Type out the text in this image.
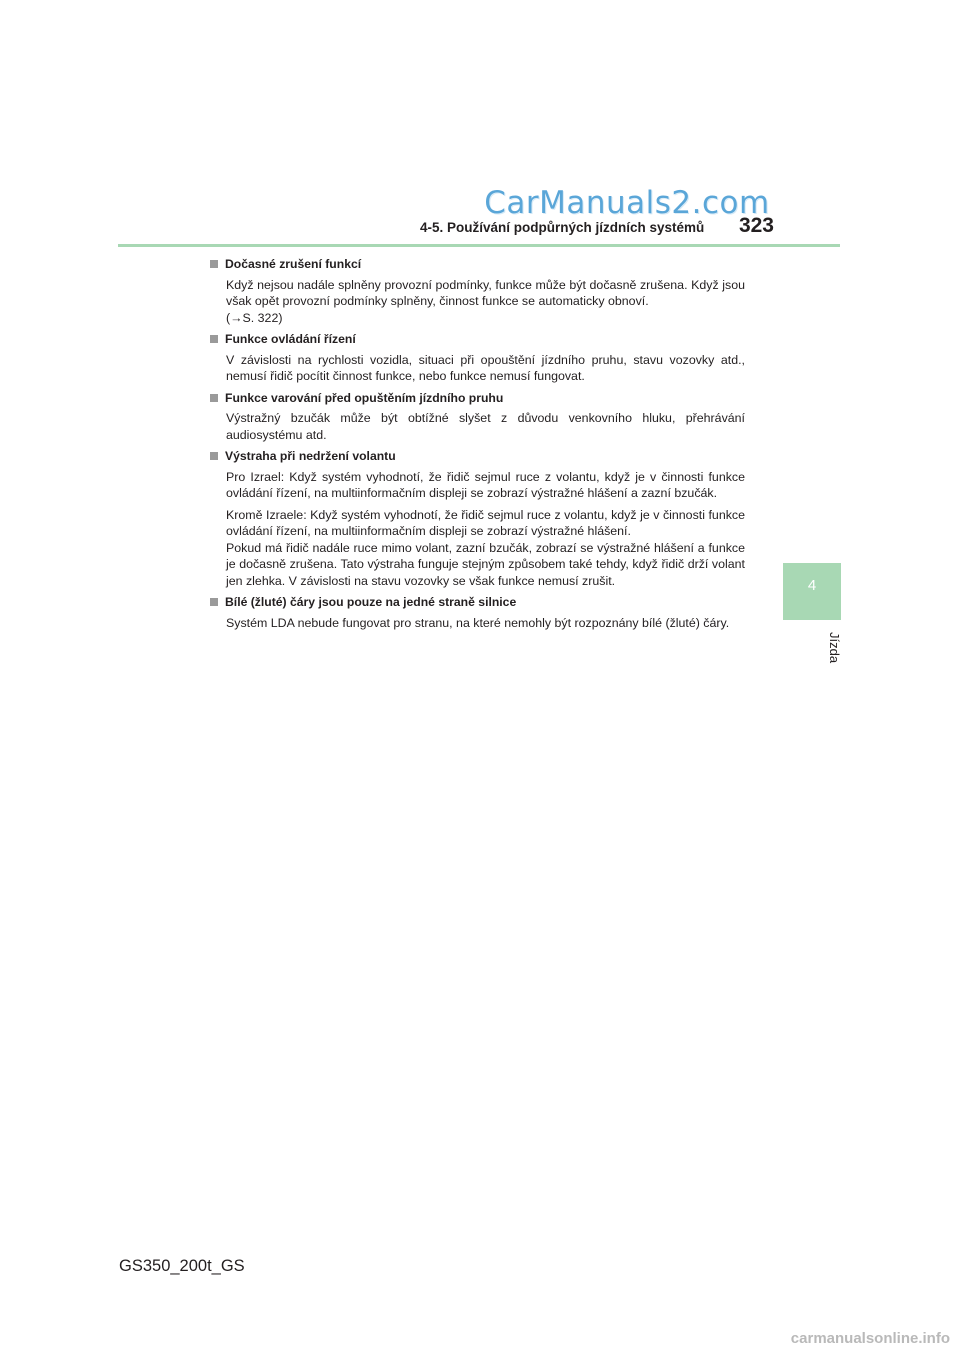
CarManuals2.com
4-5. Používání podpůrných jízdních systémů	323
4
Jízda
Dočasné zrušení funkcí

Když nejsou nadále splněny provozní podmínky, funkce může být dočasně zrušena. Když jsou však opět provozní podmínky splněny, činnost funkce se automaticky obnoví.

(→S. 322)

Funkce ovládání řízení

V závislosti na rychlosti vozidla, situaci při opouštění jízdního pruhu, stavu vozovky atd., nemusí řidič pocítit činnost funkce, nebo funkce nemusí fungovat.

Funkce varování před opuštěním jízdního pruhu

Výstražný bzučák může být obtížné slyšet z důvodu venkovního hluku, přehrávání audiosystému atd.

Výstraha při nedržení volantu

Pro Izrael: Když systém vyhodnotí, že řidič sejmul ruce z volantu, když je v činnosti funkce ovládání řízení, na multiinformačním displeji se zobrazí výstražné hlášení a zazní bzučák.

Kromě Izraele: Když systém vyhodnotí, že řidič sejmul ruce z volantu, když je v činnosti funkce ovládání řízení, na multiinformačním displeji se zobrazí výstražné hlášení.

Pokud má řidič nadále ruce mimo volant, zazní bzučák, zobrazí se výstražné hlášení a funkce je dočasně zrušena. Tato výstraha funguje stejným způsobem také tehdy, když řidič drží volant jen zlehka. V závislosti na stavu vozovky se však funkce nemusí zrušit.

Bílé (žluté) čáry jsou pouze na jedné straně silnice

Systém LDA nebude fungovat pro stranu, na které nemohly být rozpoznány bílé (žluté) čáry.

GS350_200t_GS
carmanualsonline.info
